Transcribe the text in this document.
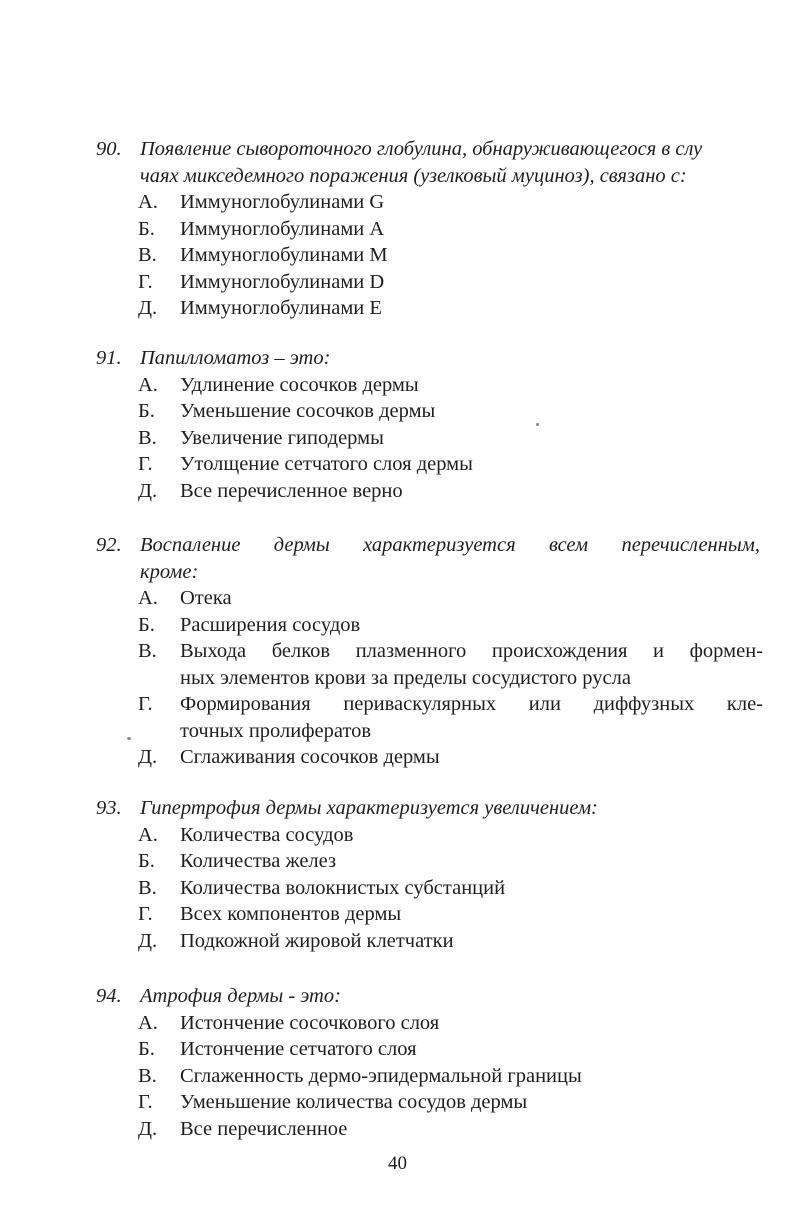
90. Появление сывороточного глобулина, обнаруживающегося в слу
чаях микседемного поражения (узелковый муциноз), связано с:
А. Иммуноглобулинами G
Б. Иммуноглобулинами А
В. Иммуноглобулинами М
Г. Иммуноглобулинами D
Д. Иммуноглобулинами Е
91. Папилломатоз – это:
А. Удлинение сосочков дермы
Б. Уменьшение сосочков дермы
В. Увеличение гиподермы
Г. Утолщение сетчатого слоя дермы
Д. Все перечисленное верно
92. Воспаление дермы характеризуется всем перечисленным,
кроме:
А. Отека
Б. Расширения сосудов
В. Выхода белков плазменного происхождения и формен-
ных элементов крови за пределы сосудистого русла
Г. Формирования периваскулярных или диффузных кле-
точных пролифератов
Д. Сглаживания сосочков дермы
93. Гипертрофия дермы характеризуется увеличением:
А. Количества сосудов
Б. Количества желез
В. Количества волокнистых субстанций
Г. Всех компонентов дермы
Д. Подкожной жировой клетчатки
94. Атрофия дермы - это:
А. Истончение сосочкового слоя
Б. Истончение сетчатого слоя
В. Сглаженность дермо-эпидермальной границы
Г. Уменьшение количества сосудов дермы
Д. Все перечисленное
40
